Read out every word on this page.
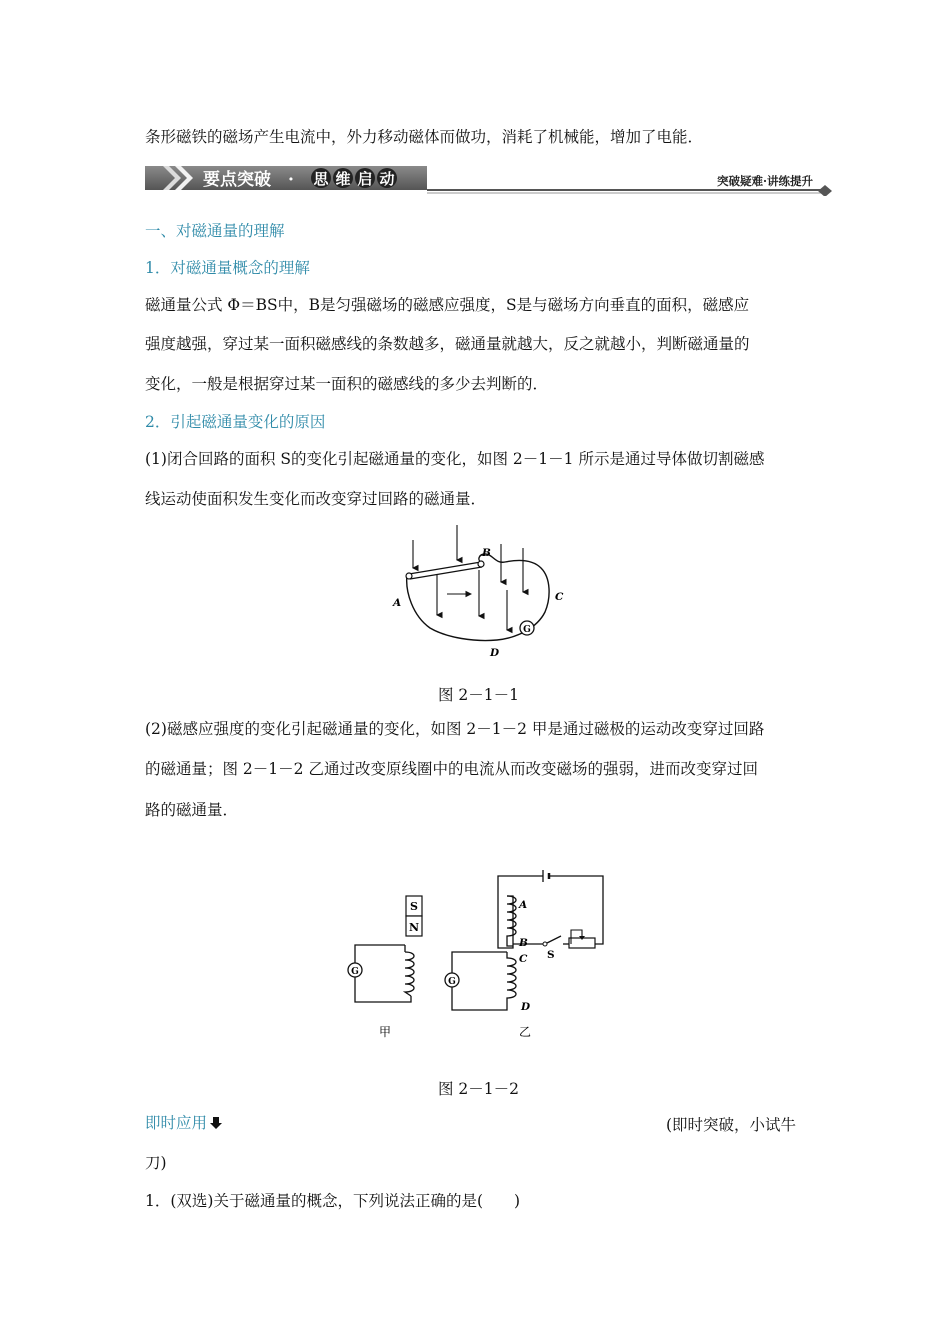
条形磁铁的磁场产生电流中，外力移动磁体而做功，消耗了机械能，增加了电能．
要点突破 · 思 维 启 动	突破疑难·讲练提升
一、对磁通量的理解
1．对磁通量概念的理解
磁通量公式 Φ＝BS中，B是匀强磁场的磁感应强度，S是与磁场方向垂直的面积，磁感应
强度越强，穿过某一面积磁感线的条数越多，磁通量就越大，反之就越小，判断磁通量的
变化，一般是根据穿过某一面积的磁感线的多少去判断的．
2．引起磁通量变化的原因
(1)闭合回路的面积 S的变化引起磁通量的变化，如图 2－1－1 所示是通过导体做切割磁感
线运动使面积发生变化而改变穿过回路的磁通量．
G
A
B
C
D
图 2－1－1
(2)磁感应强度的变化引起磁通量的变化，如图 2－1－2 甲是通过磁极的运动改变穿过回路
的磁通量；图 2－1－2 乙通过改变原线圈中的电流从而改变磁场的强弱，进而改变穿过回
路的磁通量．
S
N
G
G
A
B
C
D
S
甲	乙
图 2－1－2
即时应用	(即时突破，小试牛
刀)
1．(双选)关于磁通量的概念，下列说法正确的是(　　)
